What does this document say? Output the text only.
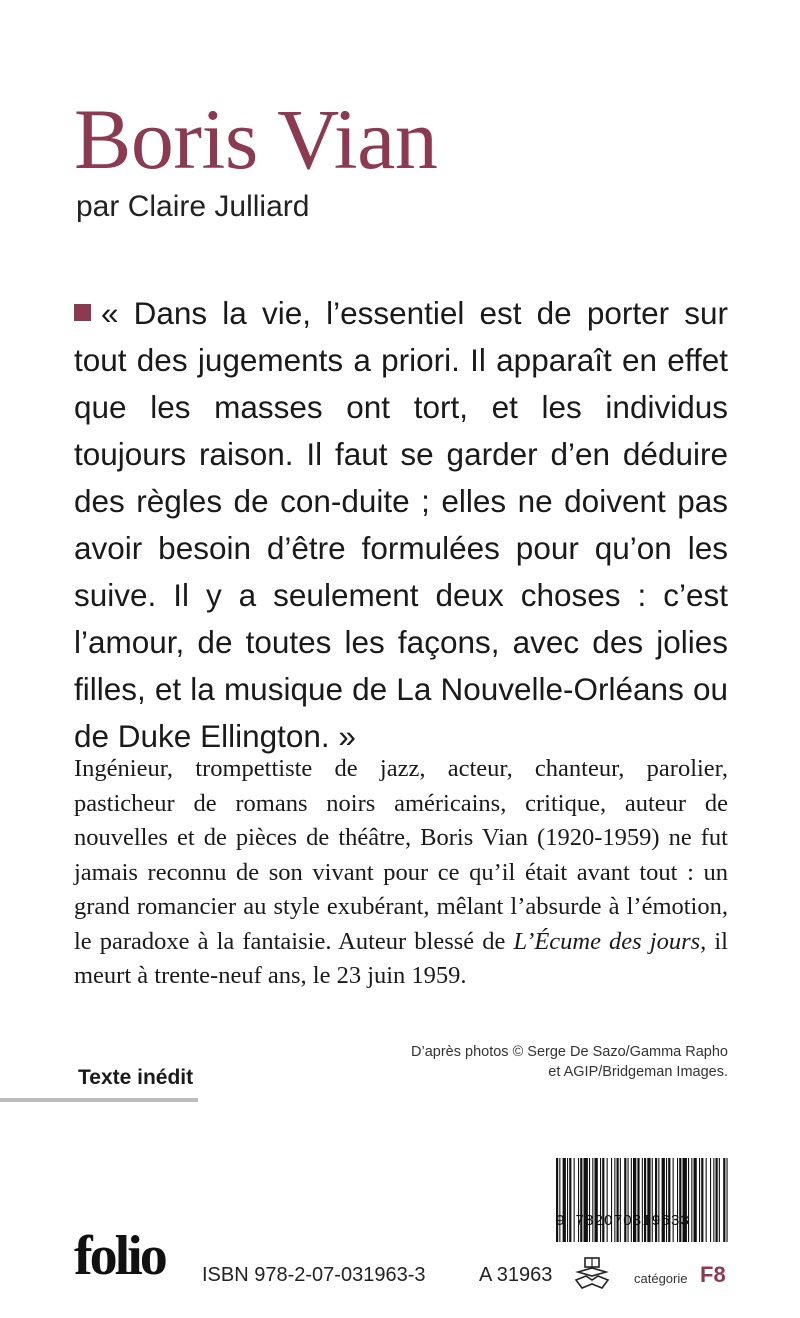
Boris Vian
par Claire Julliard
« Dans la vie, l’essentiel est de porter sur tout des jugements a priori. Il apparaît en effet que les masses ont tort, et les individus toujours raison. Il faut se garder d’en déduire des règles de con-duite ; elles ne doivent pas avoir besoin d’être formulées pour qu’on les suive. Il y a seulement deux choses : c’est l’amour, de toutes les façons, avec des jolies filles, et la musique de La Nouvelle-Orléans ou de Duke Ellington. »
Ingénieur, trompettiste de jazz, acteur, chanteur, parolier, pasticheur de romans noirs américains, critique, auteur de nouvelles et de pièces de théâtre, Boris Vian (1920-1959) ne fut jamais reconnu de son vivant pour ce qu’il était avant tout : un grand romancier au style exubérant, mêlant l’absurde à l’émotion, le paradoxe à la fantaisie. Auteur blessé de L’Écume des jours, il meurt à trente-neuf ans, le 23 juin 1959.
D’après photos © Serge De Sazo/Gamma Rapho
et AGIP/Bridgeman Images.
Texte inédit
9 782070319633
folio ISBN 978-2-07-031963-3	A 31963	catégorie F8
